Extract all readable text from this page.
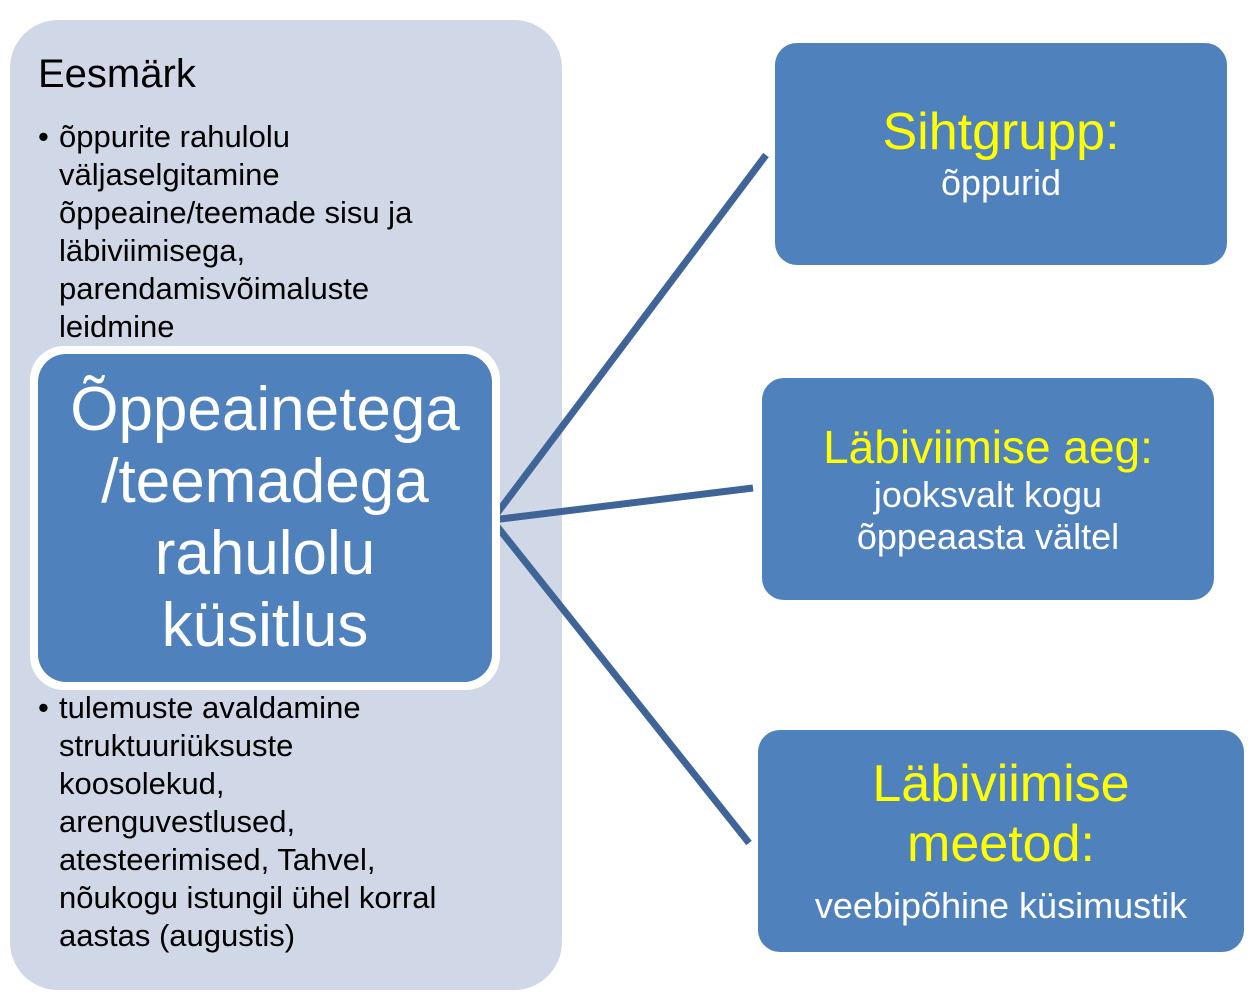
Eesmärk
• õppurite rahulolu
väljaselgitamine
õppeaine/teemade sisu ja
läbiviimisega,
parendamisvõimaluste
leidmine
Õppeainetega
/teemadega
rahulolu
küsitlus
• tulemuste avaldamine
struktuuriüksuste
koosolekud,
arenguvestlused,
atesteerimised, Tahvel,
nõukogu istungil ühel korral
aastas (augustis)
Sihtgrupp:
õppurid
Läbiviimise aeg:
jooksvalt kogu
õppeaasta vältel
Läbiviimise
meetod:
veebipõhine küsimustik
